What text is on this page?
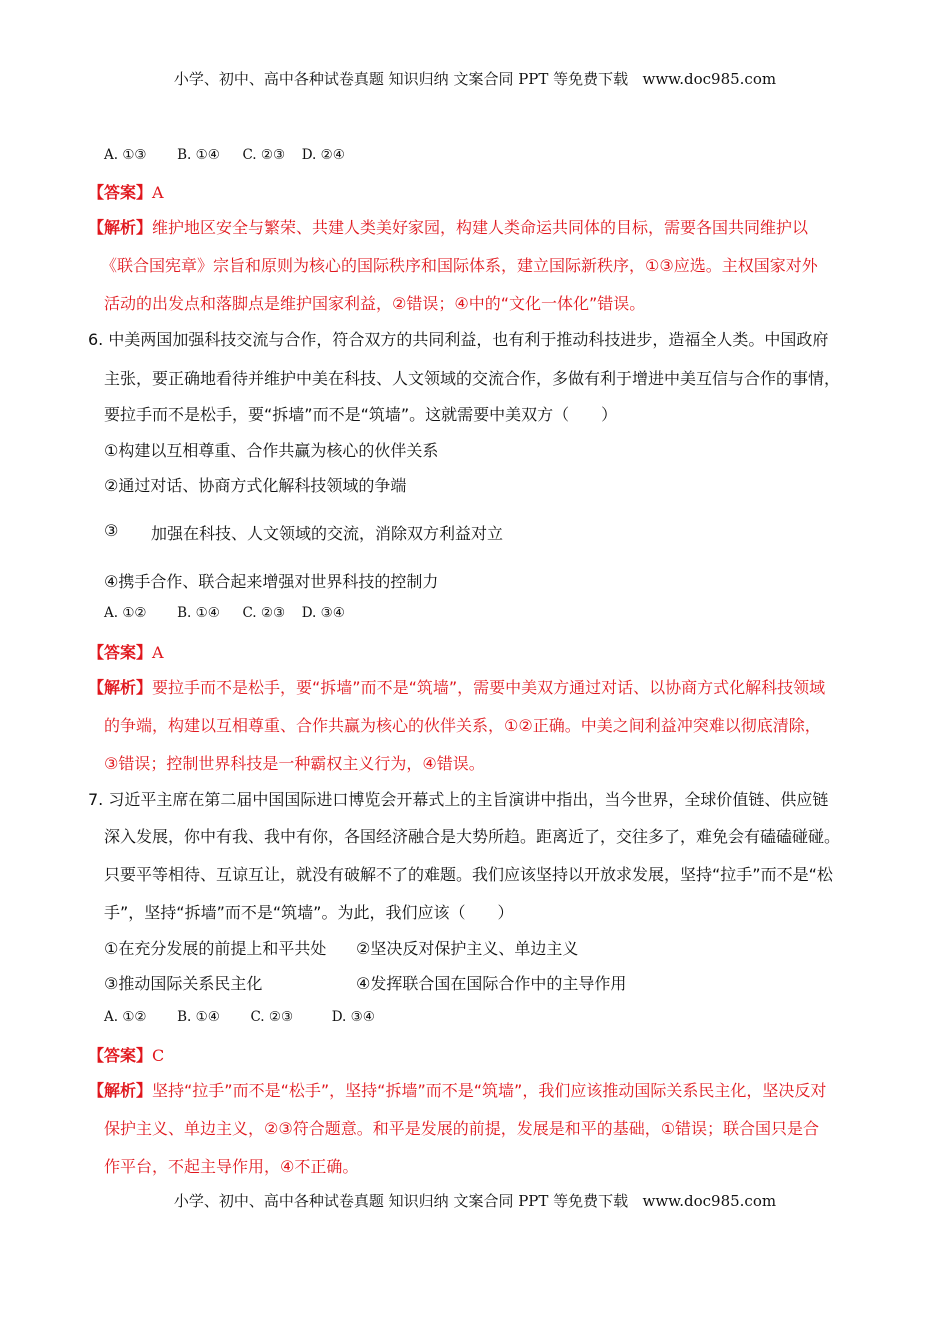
小学、初中、高中各种试卷真题 知识归纳 文案合同 PPT 等免费下载 www.doc985.com
A. ①③ B. ①④ C. ②③ D. ②④
【答案】A
【解析】维护地区安全与繁荣、共建人类美好家园，构建人类命运共同体的目标，需要各国共同维护以
《联合国宪章》宗旨和原则为核心的国际秩序和国际体系，建立国际新秩序，①③应选。主权国家对外
活动的出发点和落脚点是维护国家利益，②错误；④中的“文化一体化”错误。
6. 中美两国加强科技交流与合作，符合双方的共同利益，也有利于推动科技进步，造福全人类。中国政府
主张，要正确地看待并维护中美在科技、人文领域的交流合作，多做有利于增进中美互信与合作的事情，
要拉手而不是松手，要“拆墙”而不是“筑墙”。这就需要中美双方（　　）
①构建以互相尊重、合作共赢为核心的伙伴关系
②通过对话、协商方式化解科技领域的争端
③ 加强在科技、人文领域的交流，消除双方利益对立
④携手合作、联合起来增强对世界科技的控制力
A. ①② B. ①④ C. ②③ D. ③④
【答案】A
【解析】要拉手而不是松手，要“拆墙”而不是“筑墙”，需要中美双方通过对话、以协商方式化解科技领域
的争端，构建以互相尊重、合作共赢为核心的伙伴关系，①②正确。中美之间利益冲突难以彻底清除，
③错误；控制世界科技是一种霸权主义行为，④错误。
7. 习近平主席在第二届中国国际进口博览会开幕式上的主旨演讲中指出，当今世界，全球价值链、供应链
深入发展，你中有我、我中有你，各国经济融合是大势所趋。距离近了，交往多了，难免会有磕磕碰碰。
只要平等相待、互谅互让，就没有破解不了的难题。我们应该坚持以开放求发展，坚持“拉手”而不是“松
手”，坚持“拆墙”而不是“筑墙”。为此，我们应该（　　）
①在充分发展的前提上和平共处 ②坚决反对保护主义、单边主义
③推动国际关系民主化	④发挥联合国在国际合作中的主导作用
A. ①② B. ①④ C. ②③	D. ③④
【答案】C
【解析】坚持“拉手”而不是“松手”，坚持“拆墙”而不是“筑墙”，我们应该推动国际关系民主化，坚决反对
保护主义、单边主义，②③符合题意。和平是发展的前提，发展是和平的基础，①错误；联合国只是合
作平台，不起主导作用，④不正确。
小学、初中、高中各种试卷真题 知识归纳 文案合同 PPT 等免费下载 www.doc985.com
